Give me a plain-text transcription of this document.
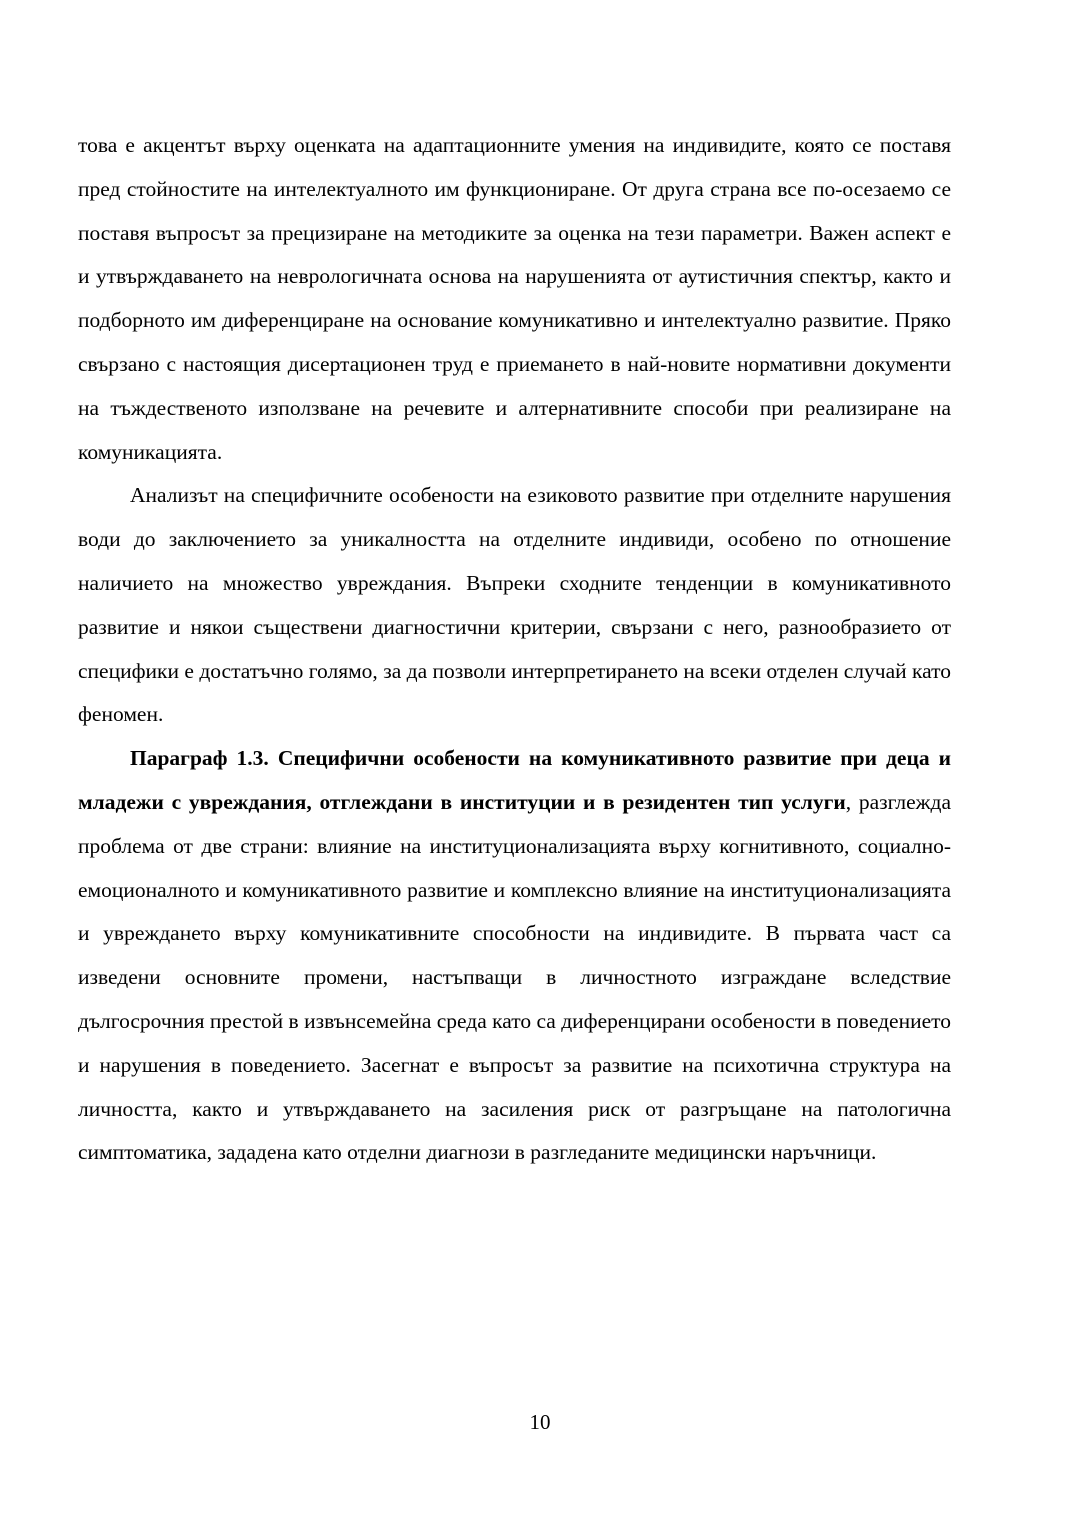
това е акцентът върху оценката на адаптационните умения на индивидите, която се поставя пред стойностите на интелектуалното им функциониране. От друга страна все по-осезаемо се поставя въпросът за прецизиране на методиките за оценка на тези параметри. Важен аспект е и утвърждаването на неврологичната основа на нарушенията от аутистичния спектър, както и подборното им диференциране на основание комуникативно и интелектуално развитие. Пряко свързано с настоящия дисертационен труд е приемането в най-новите нормативни документи на тъждественото използване на речевите и алтернативните способи при реализиране на комуникацията.

Анализът на специфичните особености на езиковото развитие при отделните нарушения води до заключението за уникалността на отделните индивиди, особено по отношение наличието на множество увреждания. Въпреки сходните тенденции в комуникативното развитие и някои съществени диагностични критерии, свързани с него, разнообразието от специфики е достатъчно голямо, за да позволи интерпретирането на всеки отделен случай като феномен.

Параграф 1.3. Специфични особености на комуникативното развитие при деца и младежи с увреждания, отглеждани в институции и в резидентен тип услуги, разглежда проблема от две страни: влияние на институционализацията върху когнитивното, социално-емоционалното и комуникативното развитие и комплексно влияние на институционализацията и увреждането върху комуникативните способности на индивидите. В първата част са изведени основните промени, настъпващи в личностното изграждане вследствие дългосрочния престой в извънсемейна среда като са диференцирани особености в поведението и нарушения в поведението. Засегнат е въпросът за развитие на психотична структура на личността, както и утвърждаването на засиления риск от разгръщане на патологична симптоматика, зададена като отделни диагнози в разгледаните медицински наръчници.

10
